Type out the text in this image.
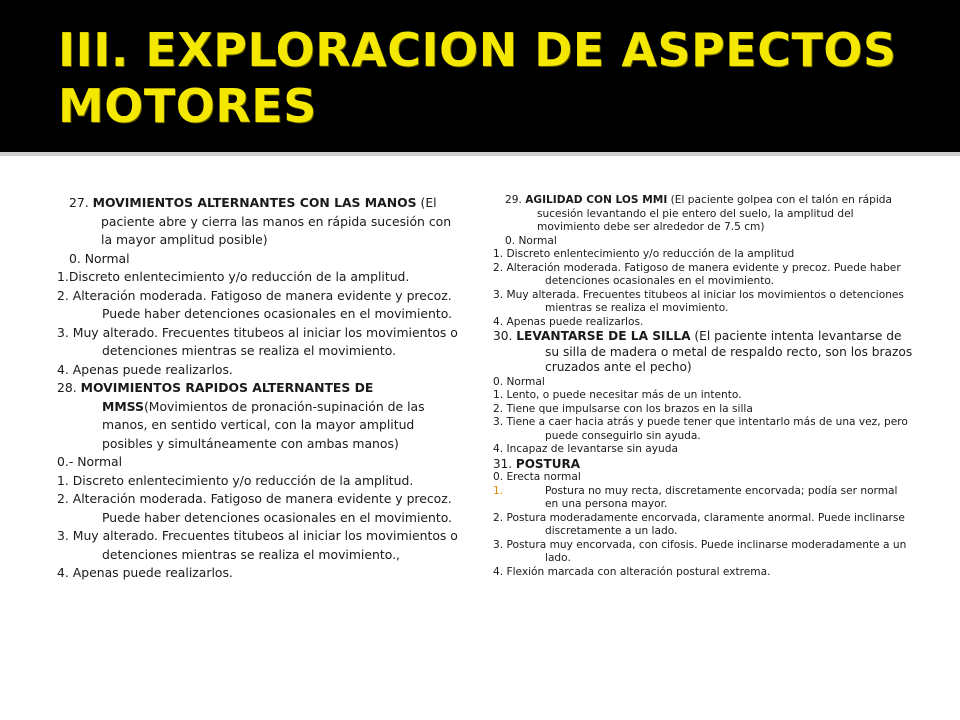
III. EXPLORACION DE ASPECTOS MOTORES

27. MOVIMIENTOS ALTERNANTES CON LAS MANOS (El paciente abre y cierra las manos en rápida sucesión con la mayor amplitud posible)

0. Normal

1.Discreto enlentecimiento y/o reducción de la amplitud.

2. Alteración moderada. Fatigoso de manera evidente y precoz. Puede haber detenciones ocasionales en el movimiento.

3. Muy alterado. Frecuentes titubeos al iniciar los movimientos o detenciones mientras se realiza el movimiento.

4. Apenas puede realizarlos.

28. MOVIMIENTOS RAPIDOS ALTERNANTES DE MMSS(Movimientos de pronación-supinación de las manos, en sentido vertical, con la mayor amplitud posibles y simultáneamente con ambas manos)

0.- Normal

1. Discreto enlentecimiento y/o reducción de la amplitud.

2. Alteración moderada. Fatigoso de manera evidente y precoz. Puede haber detenciones ocasionales en el movimiento.

3. Muy alterado. Frecuentes titubeos al iniciar los movimientos o detenciones mientras se realiza el movimiento.,

4. Apenas puede realizarlos.

29. AGILIDAD CON LOS MMI (El paciente golpea con el talón en rápida sucesión levantando el pie entero del suelo, la amplitud del movimiento debe ser alrededor de 7.5 cm)

0. Normal

1. Discreto enlentecimiento y/o reducción de la amplitud

2. Alteración moderada. Fatigoso de manera evidente y precoz. Puede haber detenciones ocasionales en el movimiento.

3. Muy alterada. Frecuentes titubeos al iniciar los movimientos o detenciones mientras se realiza el movimiento.

4. Apenas puede realizarlos.

30. LEVANTARSE DE LA SILLA (El paciente intenta levantarse de su silla de madera o metal de respaldo recto, son los brazos cruzados ante el pecho)

0. Normal

1. Lento, o puede necesitar más de un intento.

2. Tiene que impulsarse con los brazos en la silla

3. Tiene a caer hacia atrás y puede tener que intentarlo más de una vez, pero puede conseguirlo sin ayuda.

4. Incapaz de levantarse sin ayuda

31. POSTURA

0. Erecta normal

1.	Postura no muy recta, discretamente encorvada; podía ser normal en una persona mayor.

2. Postura moderadamente encorvada, claramente anormal. Puede inclinarse discretamente a un lado.

3. Postura muy encorvada, con cifosis. Puede inclinarse moderadamente a un lado.

4. Flexión marcada con alteración postural extrema.
